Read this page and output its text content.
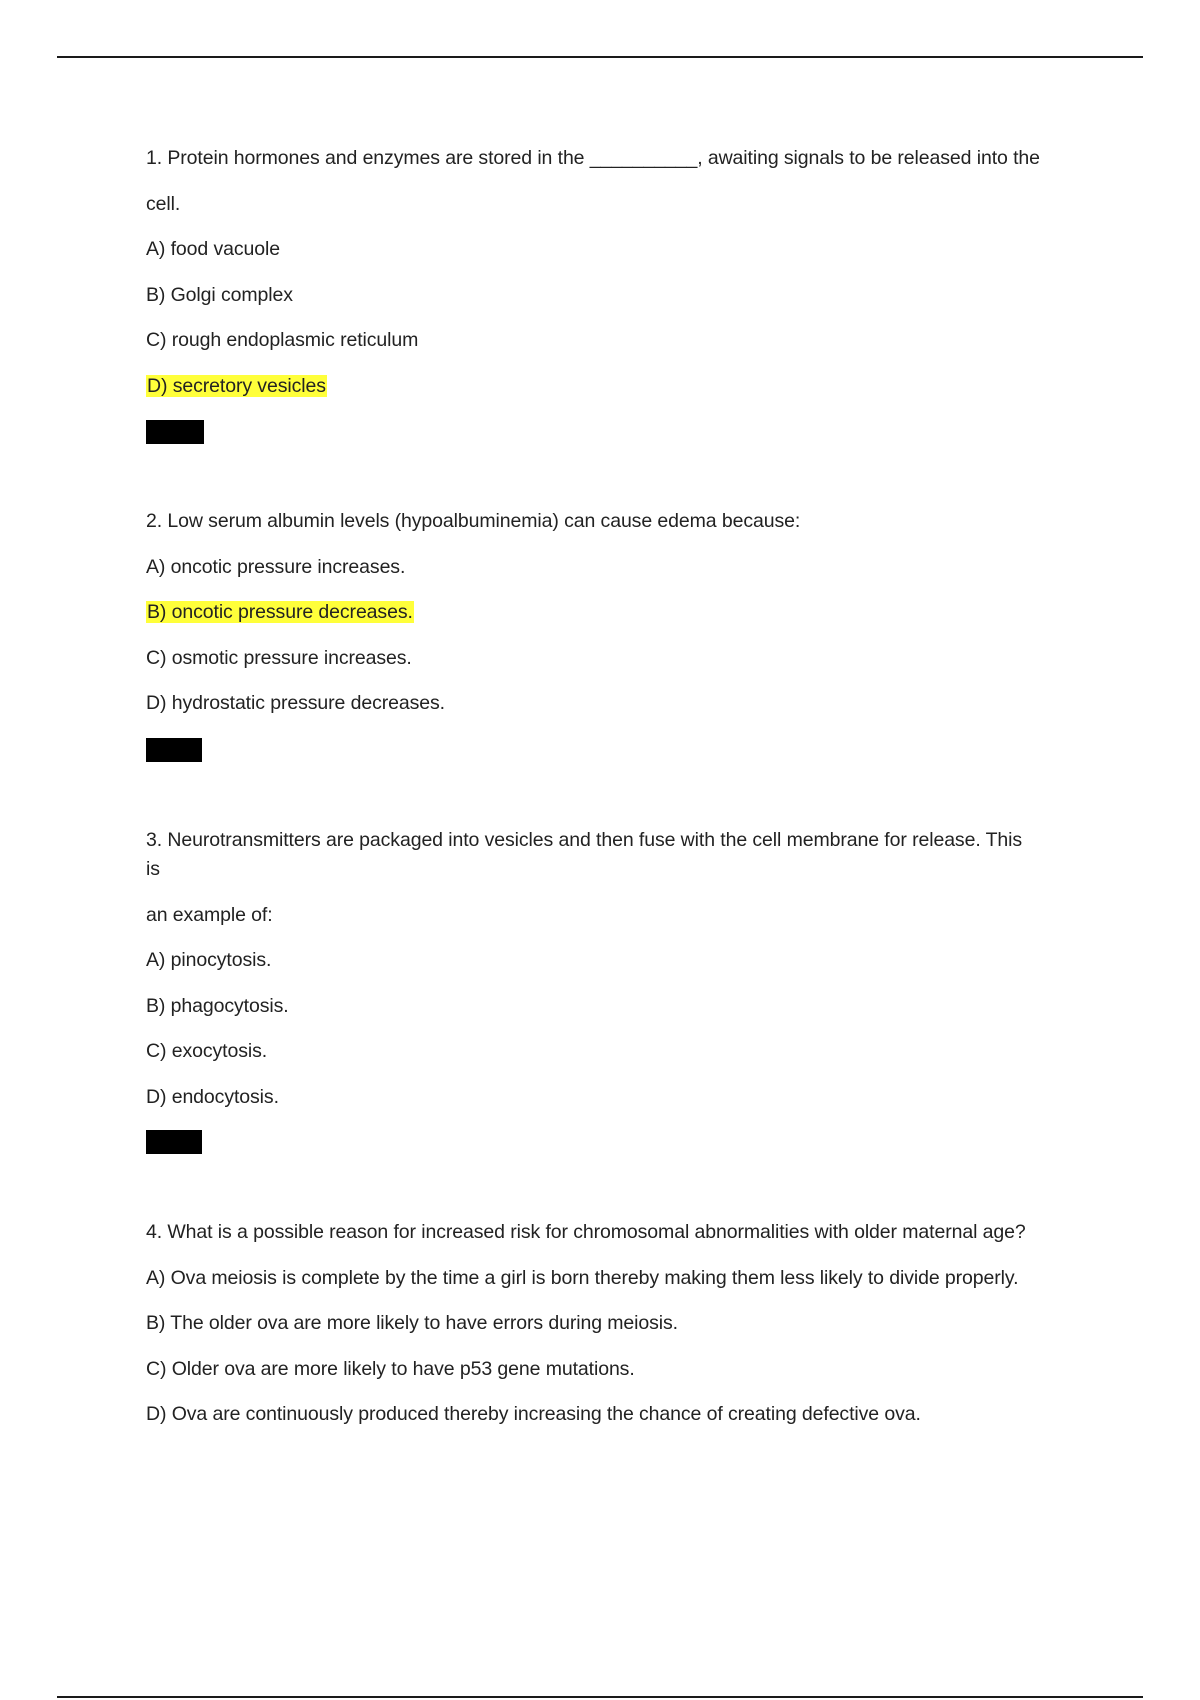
1. Protein hormones and enzymes are stored in the __________, awaiting signals to be released into the
cell.
A) food vacuole
B) Golgi complex
C) rough endoplasmic reticulum
D) secretory vesicles
2. Low serum albumin levels (hypoalbuminemia) can cause edema because:
A) oncotic pressure increases.
B) oncotic pressure decreases.
C) osmotic pressure increases.
D) hydrostatic pressure decreases.
3. Neurotransmitters are packaged into vesicles and then fuse with the cell membrane for release. This
is
an example of:
A) pinocytosis.
B) phagocytosis.
C) exocytosis.
D) endocytosis.
4. What is a possible reason for increased risk for chromosomal abnormalities with older maternal age?
A) Ova meiosis is complete by the time a girl is born thereby making them less likely to divide properly.
B) The older ova are more likely to have errors during meiosis.
C) Older ova are more likely to have p53 gene mutations.
D) Ova are continuously produced thereby increasing the chance of creating defective ova.
